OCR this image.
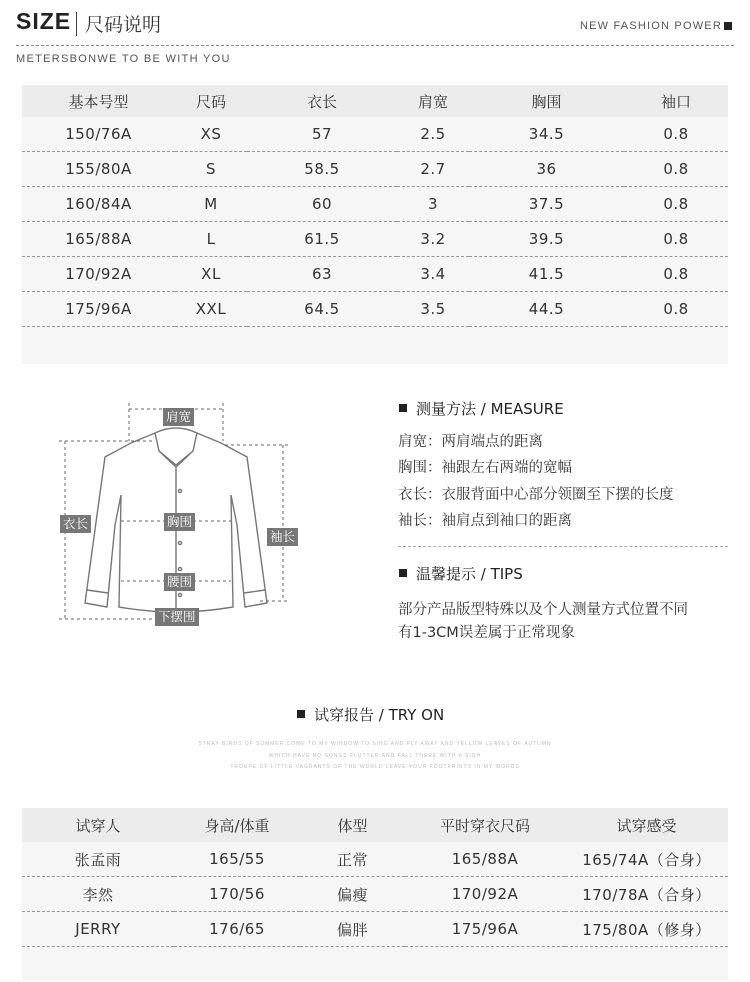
SIZE 尺码说明	NEW FASHION POWER
METERSBONWE TO BE WITH YOU
基本号型	尺码	衣长	肩宽	胸围	袖口
150/76A	XS	57	2.5	34.5	0.8
155/80A	S	58.5	2.7	36	0.8
160/84A	M	60	3	37.5	0.8
165/88A	L	61.5	3.2	39.5	0.8
170/92A	XL	63	3.4	41.5	0.8
175/96A	XXL	64.5	3.5	44.5	0.8
肩宽
衣长	胸围
袖长
腰围
下摆围
测量方法 / MEASURE
肩宽：两肩端点的距离
胸围：袖跟左右两端的宽幅
衣长：衣服背面中心部分领圈至下摆的长度
袖长：袖肩点到袖口的距离
温馨提示 / TIPS
部分产品版型特殊以及个人测量方式位置不同
有1-3CM误差属于正常现象
试穿报告 / TRY ON
STRAY BIRDS OF SUMMER COME TO MY WINDOW TO SING AND FLY AWAY AND YELLOW LEAVES OF AUTUMN
WHICH HAVE NO SONGS FLUTTER AND FALL THERE WITH A SIGH
TROUPE OF LITTLE VAGRANTS OF THE WORLD LEAVE YOUR FOOTPRINTS IN MY WORDS
试穿人	身高/体重	体型	平时穿衣尺码	试穿感受
张孟雨	165/55	正常	165/88A	165/74A（合身）
李然	170/56	偏瘦	170/92A	170/78A（合身）
JERRY	176/65	偏胖	175/96A	175/80A（修身）
